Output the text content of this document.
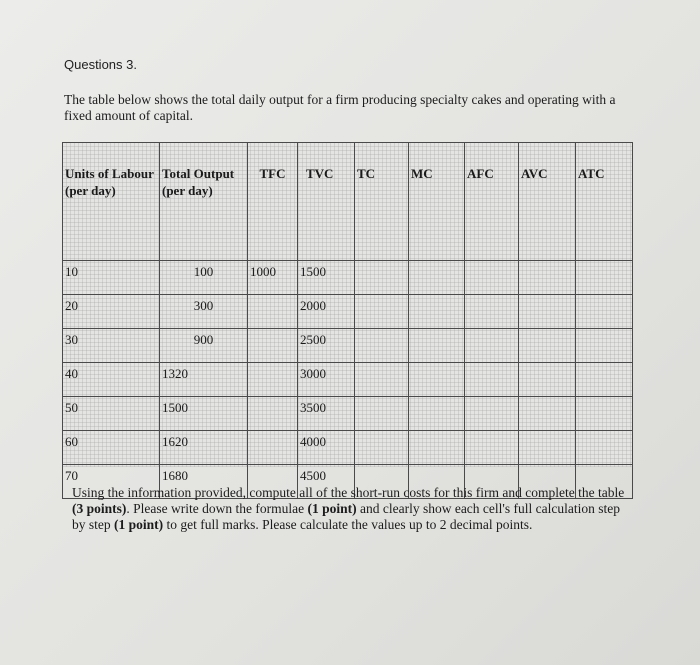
Questions 3.
The table below shows the total daily output for a firm producing specialty cakes and operating with a fixed amount of capital.
Units of Labour (per day)	Total Output (per day)	TFC	TVC	TC	MC	AFC	AVC	ATC
10	100	1000	1500					
20	300		2000					
30	900		2500					
40	1320		3000					
50	1500		3500					
60	1620		4000					
70	1680		4500					
Using the information provided, compute all of the short-run costs for this firm and complete the table (3 points). Please write down the formulae (1 point) and clearly show each cell's full calculation step by step (1 point) to get full marks. Please calculate the values up to 2 decimal points.
